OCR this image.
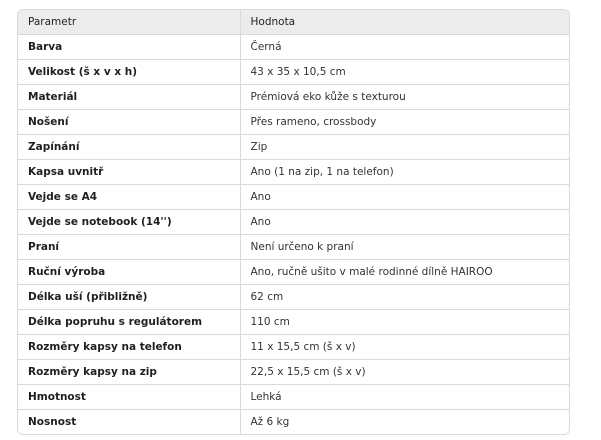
Parametr	Hodnota
Barva	Černá
Velikost (š x v x h)	43 x 35 x 10,5 cm
Materiál	Prémiová eko kůže s texturou
Nošení	Přes rameno, crossbody
Zapínání	Zip
Kapsa uvnitř	Ano (1 na zip, 1 na telefon)
Vejde se A4	Ano
Vejde se notebook (14'')	Ano
Praní	Není určeno k praní
Ruční výroba	Ano, ručně ušito v malé rodinné dílně HAIROO
Délka uší (přibližně)	62 cm
Délka popruhu s regulátorem	110 cm
Rozměry kapsy na telefon	11 x 15,5 cm (š x v)
Rozměry kapsy na zip	22,5 x 15,5 cm (š x v)
Hmotnost	Lehká
Nosnost	Až 6 kg
